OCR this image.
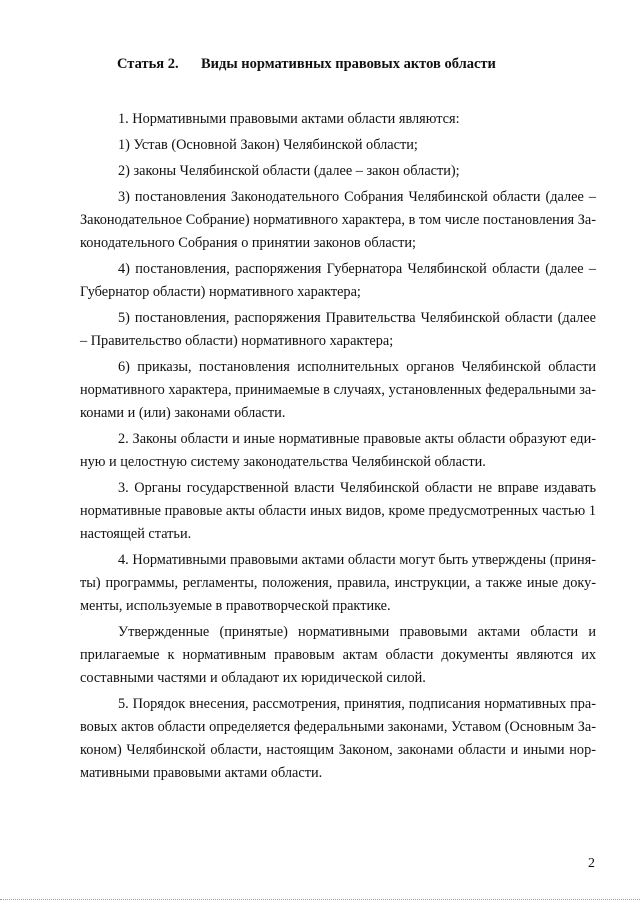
Статья 2. Виды нормативных правовых актов области

1. Нормативными правовыми актами области являются:

1) Устав (Основной Закон) Челябинской области;

2) законы Челябинской области (далее – закон области);

3) постановления Законодательного Собрания Челябинской области (далее – Законодательное Собрание) нормативного характера, в том числе постановления Законодательного Собрания о принятии законов области;

4) постановления, распоряжения Губернатора Челябинской области (далее – Губернатор области) нормативного характера;

5) постановления, распоряжения Правительства Челябинской области (далее – Правительство области) нормативного характера;

6) приказы, постановления исполнительных органов Челябинской области нормативного характера, принимаемые в случаях, установленных федеральными законами и (или) законами области.

2. Законы области и иные нормативные правовые акты области образуют единую и целостную систему законодательства Челябинской области.

3. Органы государственной власти Челябинской области не вправе издавать нормативные правовые акты области иных видов, кроме предусмотренных частью 1 настоящей статьи.

4. Нормативными правовыми актами области могут быть утверждены (приняты) программы, регламенты, положения, правила, инструкции, а также иные документы, используемые в правотворческой практике.

Утвержденные (принятые) нормативными правовыми актами области и прилагаемые к нормативным правовым актам области документы являются их составными частями и обладают их юридической силой.

5. Порядок внесения, рассмотрения, принятия, подписания нормативных правовых актов области определяется федеральными законами, Уставом (Основным Законом) Челябинской области, настоящим Законом, законами области и иными нормативными правовыми актами области.

2
